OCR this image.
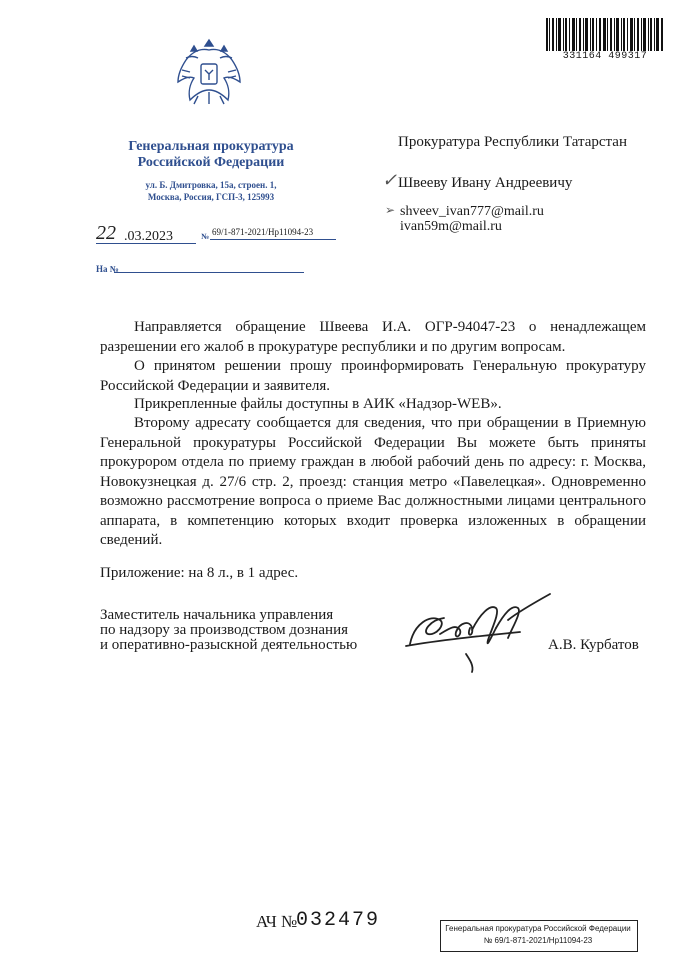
Генеральная прокуратура
Российской Федерации
ул. Б. Дмитровка, 15а, строен. 1,
Москва, Россия, ГСП-3, 125993
22 .03.2023	№ 69/1-871-2021/Нр11094-23
На №
331164 499317
Прокуратура Республики Татарстан
✓ Швееву Ивану Андреевичу
➢ shveev_ivan777@mail.ru
ivan59m@mail.ru
Направляется обращение Швеева И.А. ОГР-94047-23 о ненадлежащем разрешении его жалоб в прокуратуре республики и по другим вопросам.
О принятом решении прошу проинформировать Генеральную прокуратуру Российской Федерации и заявителя.
Прикрепленные файлы доступны в АИК «Надзор-WEB».
Второму адресату сообщается для сведения, что при обращении в Приемную Генеральной прокуратуры Российской Федерации Вы можете быть приняты прокурором отдела по приему граждан в любой рабочий день по адресу: г. Москва, Новокузнецкая д. 27/6 стр. 2, проезд: станция метро «Павелецкая». Одновременно возможно рассмотрение вопроса о приеме Вас должностными лицами центрального аппарата, в компетенцию которых входит проверка изложенных в обращении сведений.
Приложение: на 8 л., в 1 адрес.
Заместитель начальника управления
по надзору за производством дознания
и оперативно-разыскной деятельностью	А.В. Курбатов
АЧ №
032479	Генеральная прокуратура Российской Федерации
№ 69/1-871-2021/Нр11094-23
